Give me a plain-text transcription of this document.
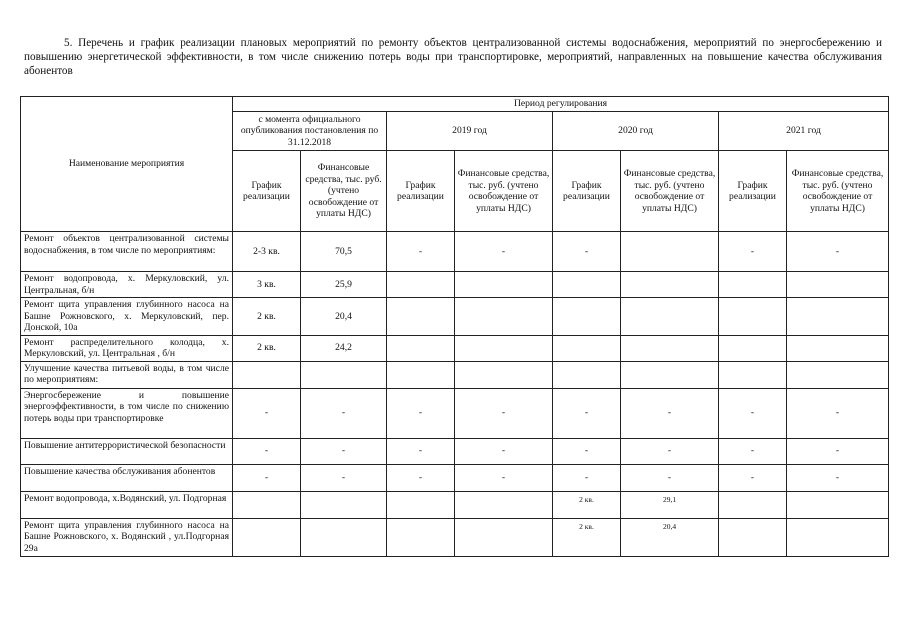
5. Перечень и график реализации плановых мероприятий по ремонту объектов централизованной системы водоснабжения, мероприятий по энергосбережению и повышению энергетической эффективности, в том числе снижению потерь воды при транспортировке, мероприятий, направленных на повышение качества обслуживания абонентов
Наименование мероприятия	Период регулирования							
	с момента официального опубликования постановления по 31.12.2018		2019 год		2020 год		2021 год	
	График реализации	Финансовые средства, тыс. руб. (учтено освобождение от уплаты НДС)	График реализации	Финансовые средства, тыс. руб. (учтено освобождение от уплаты НДС)	График реализации	Финансовые средства, тыс. руб. (учтено освобождение от уплаты НДС)	График реализации	Финансовые средства, тыс. руб. (учтено освобождение от уплаты НДС)
Ремонт объектов централизованной системы водоснабжения, в том числе по мероприятиям:	2-3 кв.	70,5	-	-	-		-	-
Ремонт водопровода, х. Меркуловский, ул. Центральная, б/н	3 кв.	25,9						
Ремонт щита управления глубинного насоса на Башне Рожновского, х. Меркуловский, пер. Донской, 10а	2 кв.	20,4						
Ремонт распределительного колодца, х. Меркуловский, ул. Центральная , б/н	2 кв.	24,2						
Улучшение качества питьевой воды, в том числе по мероприятиям:								
Энергосбережение и повышение энергоэффективности, в том числе по снижению потерь воды при транспортировке	-	-	-	-	-	-	-	-
Повышение антитеррористической безопасности	-	-	-	-	-	-	-	-
Повышение качества обслуживания абонентов	-	-	-	-	-	-	-	-
Ремонт водопровода, х.Водянский, ул. Подгорная					2 кв.	29,1		
Ремонт щита управления глубинного насоса на Башне Рожновского, х. Водянский , ул.Подгорная 29а					2 кв.	20,4		
